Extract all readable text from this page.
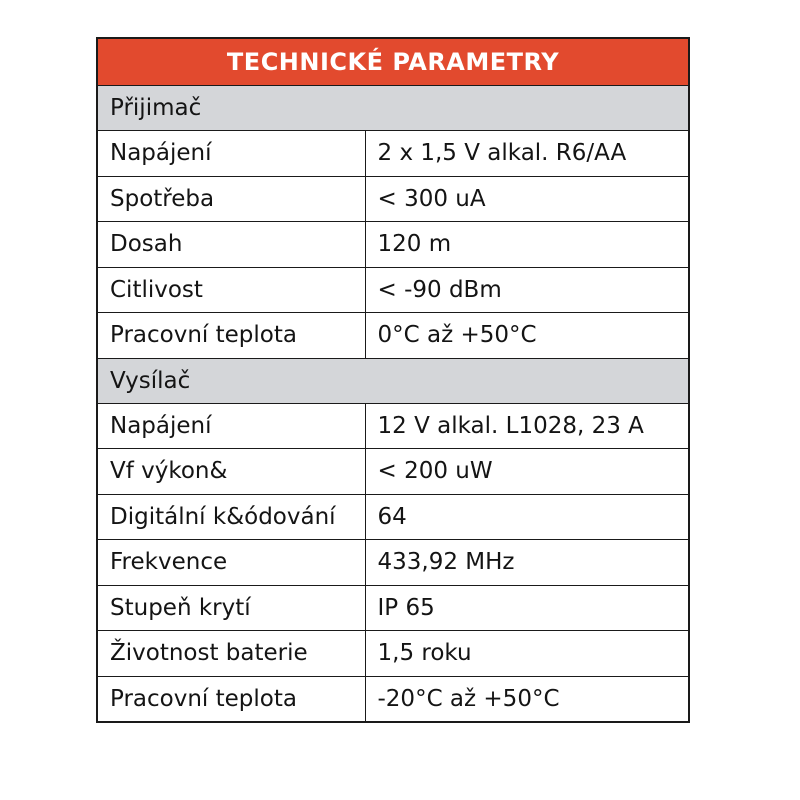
TECHNICKÉ PARAMETRY	
Přijimač	
Napájení	2 x 1,5 V alkal. R6/AA
Spotřeba	< 300 uA
Dosah	120 m
Citlivost	< -90 dBm
Pracovní teplota	0°C až +50°C
Vysílač	
Napájení	12 V alkal. L1028, 23 A
Vf výkon&	< 200 uW
Digitální k&ódování	64
Frekvence	433,92 MHz
Stupeň krytí	IP 65
Životnost baterie	1,5 roku
Pracovní teplota	-20°C až +50°C
